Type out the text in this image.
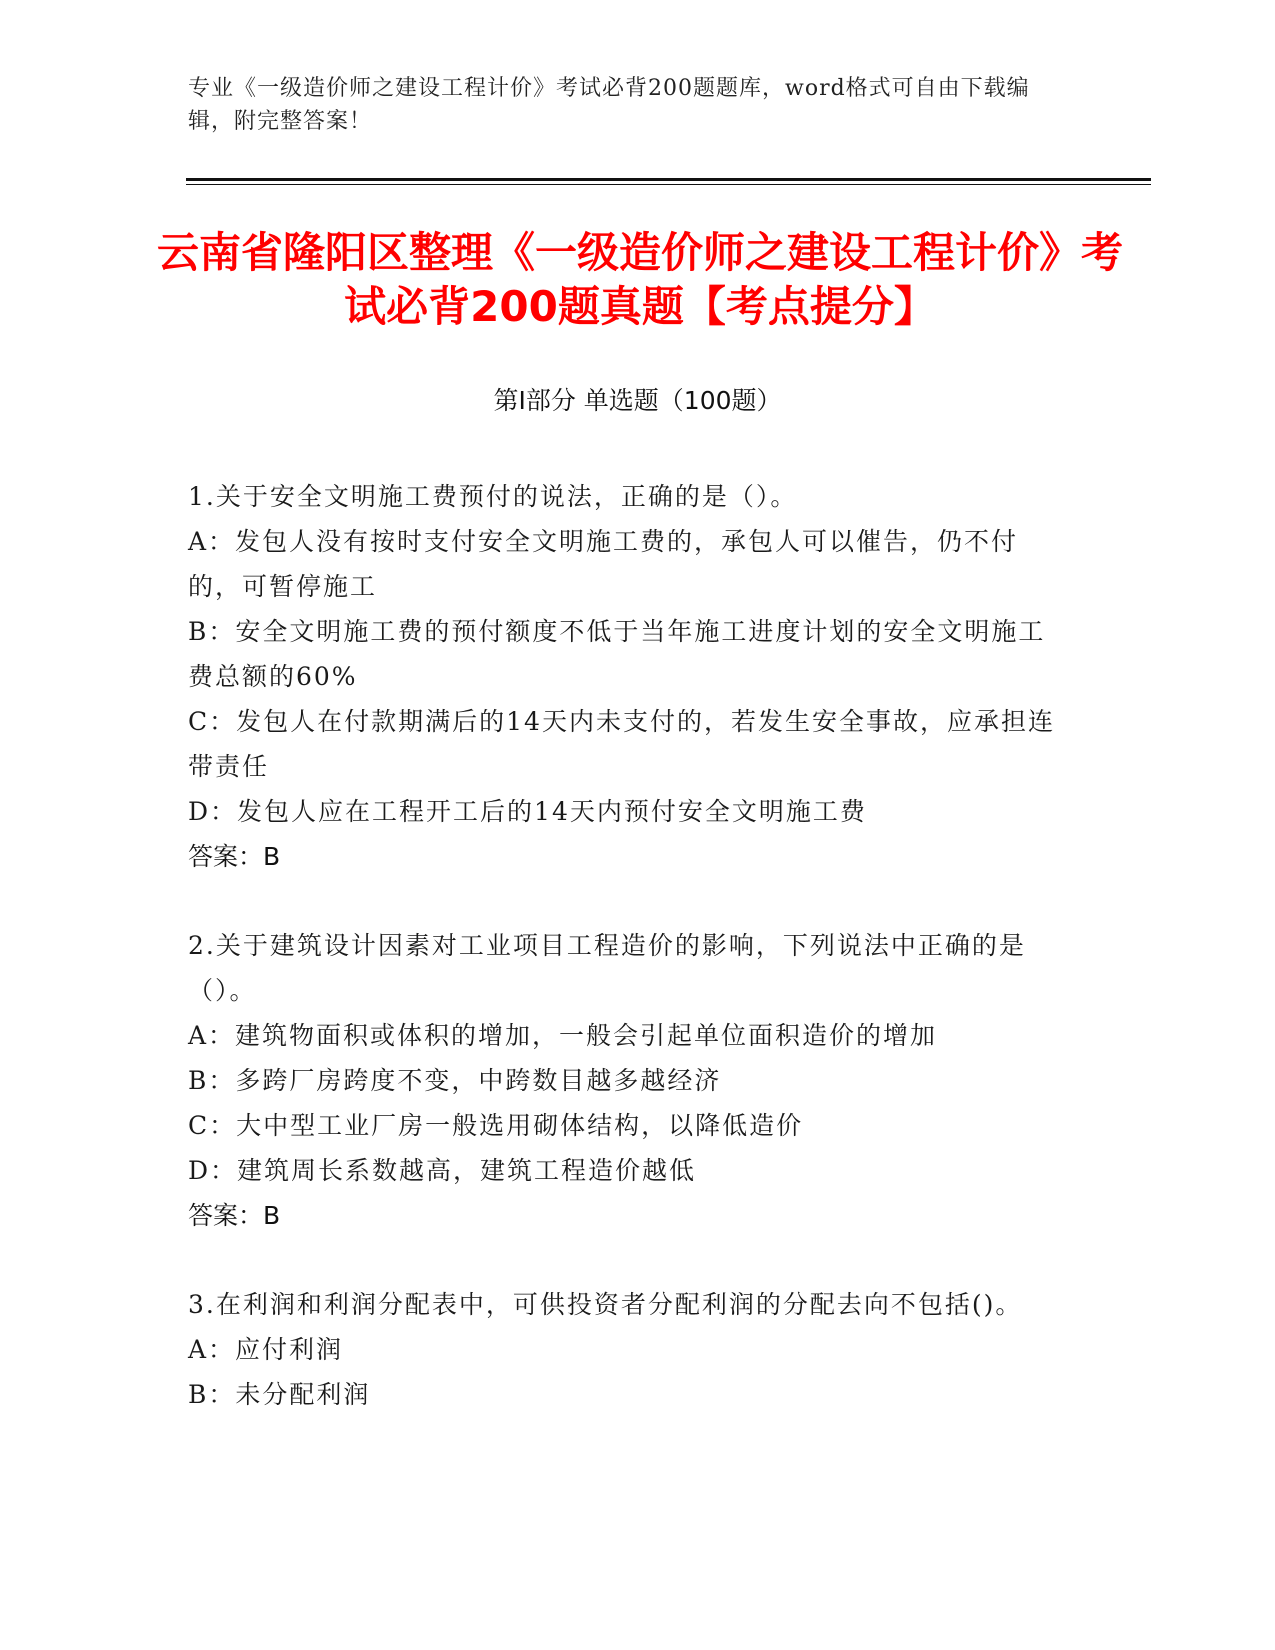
专业《一级造价师之建设工程计价》考试必背200题题库，word格式可自由下载编辑，附完整答案！
云南省隆阳区整理《一级造价师之建设工程计价》考试必背200题真题【考点提分】
第I部分 单选题（100题）
1.关于安全文明施工费预付的说法，正确的是（）。
A：发包人没有按时支付安全文明施工费的，承包人可以催告，仍不付的，可暂停施工
B：安全文明施工费的预付额度不低于当年施工进度计划的安全文明施工费总额的60%
C：发包人在付款期满后的14天内未支付的，若发生安全事故，应承担连带责任
D：发包人应在工程开工后的14天内预付安全文明施工费
答案：B
2.关于建筑设计因素对工业项目工程造价的影响，下列说法中正确的是（）。
A：建筑物面积或体积的增加，一般会引起单位面积造价的增加
B：多跨厂房跨度不变，中跨数目越多越经济
C：大中型工业厂房一般选用砌体结构，以降低造价
D：建筑周长系数越高，建筑工程造价越低
答案：B
3.在利润和利润分配表中，可供投资者分配利润的分配去向不包括()。
A：应付利润
B：未分配利润
